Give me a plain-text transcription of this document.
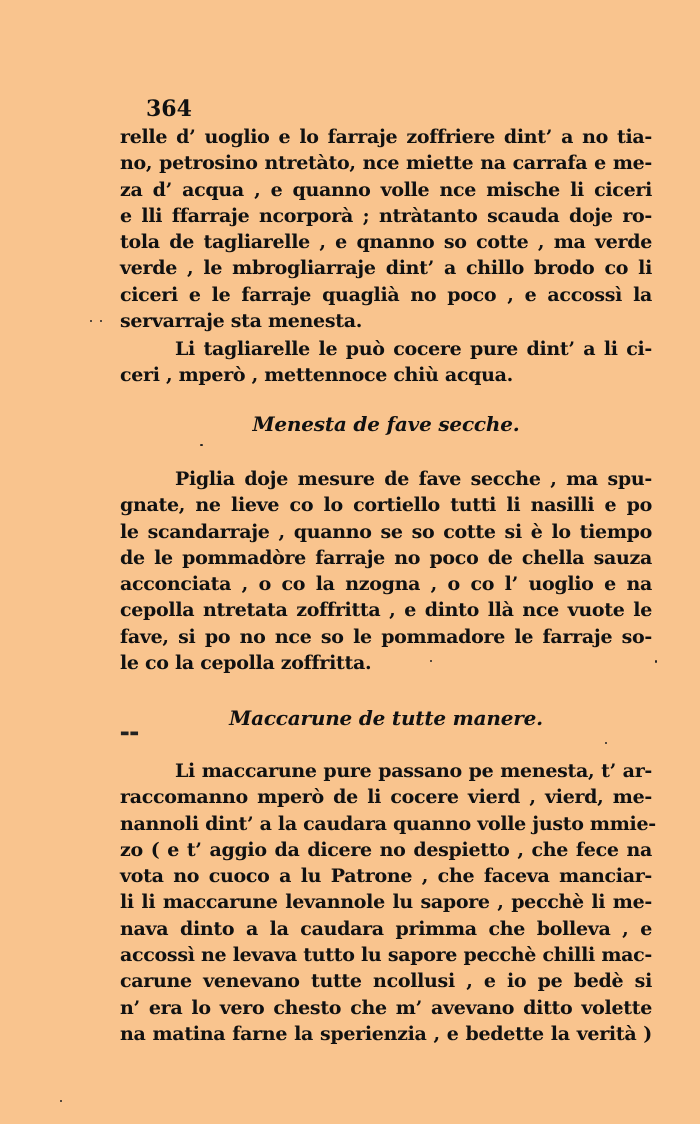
364
relle d’ uoglio e lo farraje zoffriere dint’ a no tia-
no, petrosino ntretàto, nce miette na carrafa e me-
za d’ acqua , e quanno volle nce mische li ciceri
e lli ffarraje ncorporà ; ntràtanto scauda doje ro-
tola de tagliarelle , e qnanno so cotte , ma verde
verde , le mbrogliarraje dint’ a chillo brodo co li
ciceri e le farraje quaglià no poco , e accossì la
servarraje sta menesta.
Li tagliarelle le può cocere pure dint’ a li ci-
ceri , mperò , mettennoce chiù acqua.
Menesta de fave secche.
Piglia doje mesure de fave secche , ma spu-
gnate, ne lieve co lo cortiello tutti li nasilli e po
le scandarraje , quanno se so cotte si è lo tiempo
de le pommadòre farraje no poco de chella sauza
acconciata , o co la nzogna , o co l’ uoglio e na
cepolla ntretata zoffritta , e dinto llà nce vuote le
fave, si po no nce so le pommadore le farraje so-
le co la cepolla zoffritta.
Maccarune de tutte manere.
▬▬
Li maccarune pure passano pe menesta, t’ ar-
raccomanno mperò de li cocere vierd , vierd, me-
nannoli dint’ a la caudara quanno volle justo mmie-
zo ( e t’ aggio da dicere no despietto , che fece na
vota no cuoco a lu Patrone , che faceva manciar-
li li maccarune levannole lu sapore , pecchè li me-
nava dinto a la caudara primma che bolleva , e
accossì ne levava tutto lu sapore pecchè chilli mac-
carune venevano tutte ncollusi , e io pe bedè si
n’ era lo vero chesto che m’ avevano ditto volette
na matina farne la sperienzia , e bedette la verità )
